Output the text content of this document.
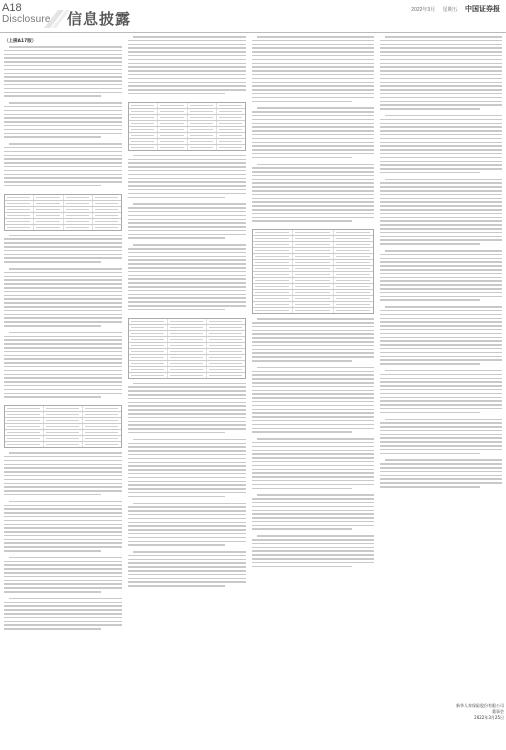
A18
Disclosure 信息披露	2022年3月 星期五 中国证券报
（上接A17版）
新华人寿保险股份有限公司
董事会
2022年3月25日
